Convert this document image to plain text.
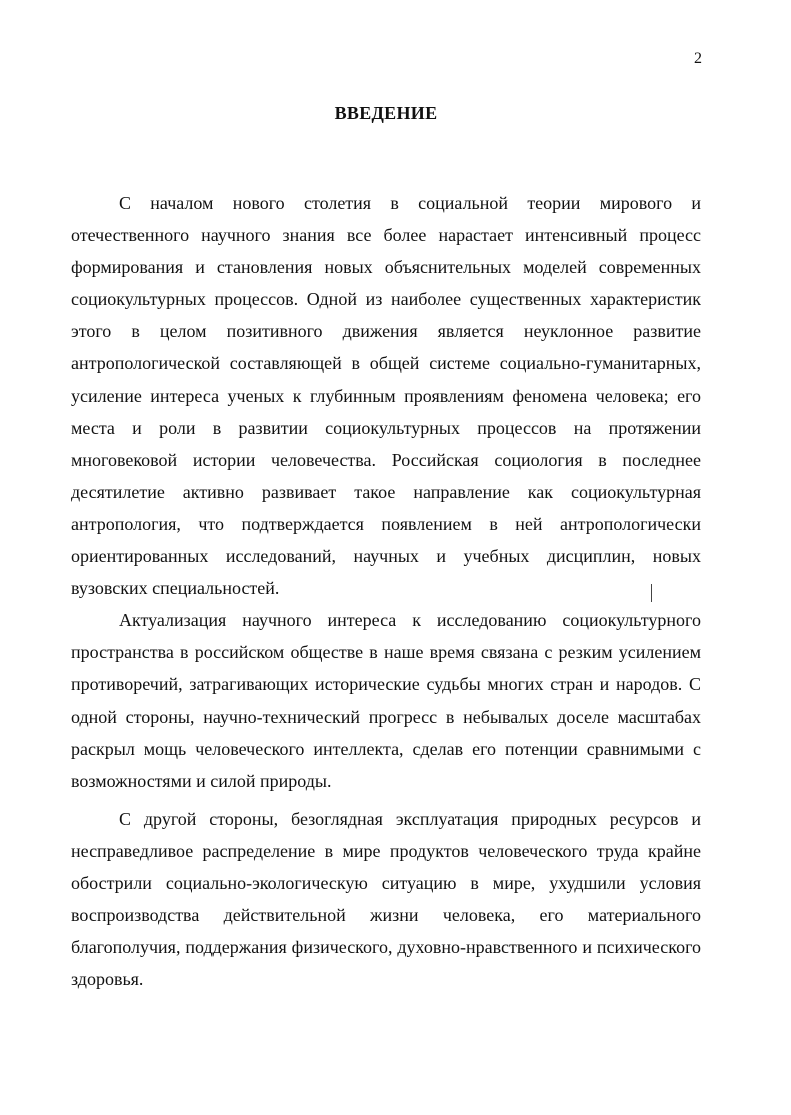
2
ВВЕДЕНИЕ

С началом нового столетия в социальной теории мирового и отечественного научного знания все более нарастает интенсивный процесс формирования и становления новых объяснительных моделей современных социокультурных процессов. Одной из наиболее существенных характеристик этого в целом позитивного движения является неуклонное развитие антропологической составляющей в общей системе социально-гуманитарных, усиление интереса ученых к глубинным проявлениям феномена человека; его места и роли в развитии социокультурных процессов на протяжении многовековой истории человечества. Российская социология в последнее десятилетие активно развивает такое направление как социокультурная антропология, что подтверждается появлением в ней антропологически ориентированных исследований, научных и учебных дисциплин, новых вузовских специальностей.

Актуализация научного интереса к исследованию социокультурного пространства в российском обществе в наше время связана с резким усилением противоречий, затрагивающих исторические судьбы многих стран и народов. С одной стороны, научно-технический прогресс в небывалых доселе масштабах раскрыл мощь человеческого интеллекта, сделав его потенции сравнимыми с возможностями и силой природы.

С другой стороны, безоглядная эксплуатация природных ресурсов и несправедливое распределение в мире продуктов человеческого труда крайне обострили социально-экологическую ситуацию в мире, ухудшили условия воспроизводства действительной жизни человека, его материального благополучия, поддержания физического, духовно-нравственного и психического здоровья.
